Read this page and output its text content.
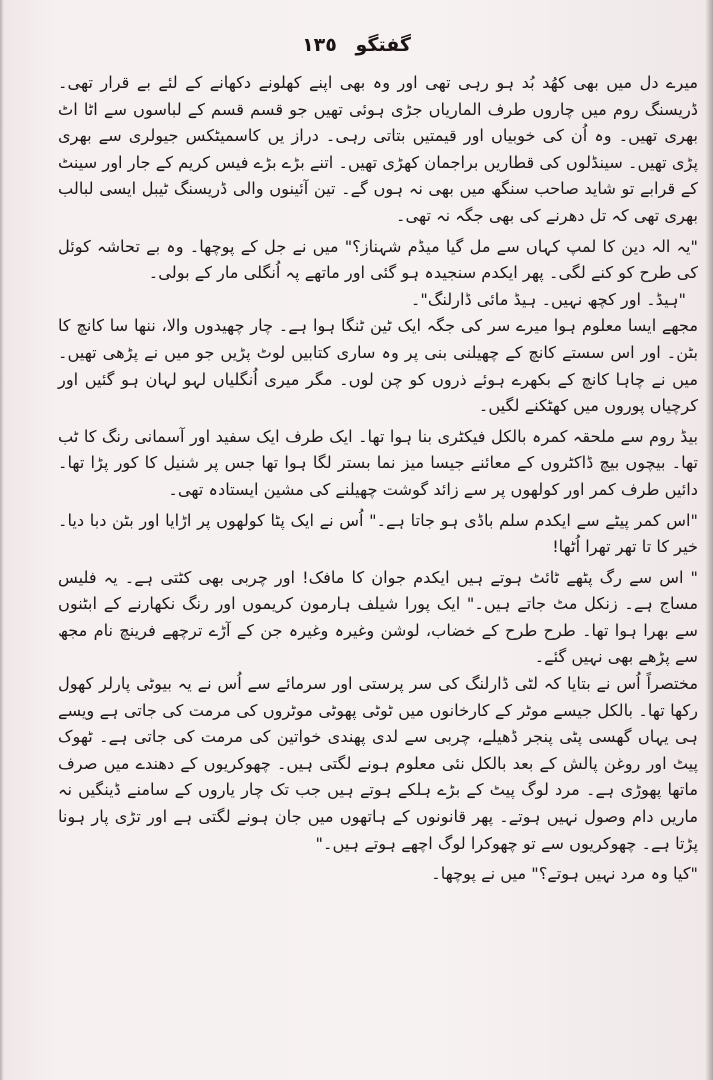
گفتگو ١٣٥

میرے دل میں بھی کھُد بُد ہو رہی تھی اور وہ بھی اپنے کھلونے دکھانے کے لئے بے قرار تھی۔ ڈریسنگ روم میں چاروں طرف الماریاں جڑی ہوئی تھیں جو قسم قسم کے لباسوں سے اٹا اٹ بھری تھیں۔ وہ اُن کی خوبیاں اور قیمتیں بتاتی رہی۔ دراز یں کاسمیٹکس جیولری سے بھری پڑی تھیں۔ سینڈلوں کی قطاریں براجمان کھڑی تھیں۔ اتنے بڑے بڑے فیس کریم کے جار اور سینٹ کے قرابے تو شاید صاحب سنگھ میں بھی نہ ہوں گے۔ تین آئینوں والی ڈریسنگ ٹیبل ایسی لبالب بھری تھی کہ تل دھرنے کی بھی جگہ نہ تھی۔

"یہ الہ دین کا لمپ کہاں سے مل گیا میڈم شہناز؟" میں نے جل کے پوچھا۔ وہ بے تحاشہ کوئل کی طرح کو کنے لگی۔ پھر ایکدم سنجیدہ ہو گئی اور ماتھے پہ اُنگلی مار کے بولی۔

"ہیڈ۔ اور کچھ نہیں۔ ہیڈ مائی ڈارلنگ"۔

مجھے ایسا معلوم ہوا میرے سر کی جگہ ایک ٹین ٹنگا ہوا ہے۔ چار چھیدوں والا، ننھا سا کانچ کا بٹن۔ اور اس سستے کانچ کے چھیلنی بنی پر وہ ساری کتابیں لوٹ پڑیں جو میں نے پڑھی تھیں۔ میں نے چاہا کانچ کے بکھرے ہوئے ذروں کو چن لوں۔ مگر میری اُنگلیاں لہو لہان ہو گئیں اور کرچیاں پوروں میں کھٹکنے لگیں۔

بیڈ روم سے ملحقہ کمرہ بالکل فیکٹری بنا ہوا تھا۔ ایک طرف ایک سفید اور آسمانی رنگ کا ٹب تھا۔ بیچوں بیچ ڈاکٹروں کے معائنے جیسا میز نما بستر لگا ہوا تھا جس پر شنیل کا کور پڑا تھا۔ دائیں طرف کمر اور کولھوں پر سے زائد گوشت چھیلنے کی مشین ایستادہ تھی۔

"اس کمر پیٹے سے ایکدم سلم باڈی ہو جاتا ہے۔" اُس نے ایک پٹا کولھوں پر اڑایا اور بٹن دبا دیا۔ خیر کا تا تھر تھرا اُٹھا!

" اس سے رگ پٹھے ٹائٹ ہوتے ہیں ایکدم جوان کا مافک! اور چربی بھی کٹتی ہے۔ یہ فلیس مساج ہے۔ زنکل مٹ جاتے ہیں۔" ایک پورا شیلف ہارمون کریموں اور رنگ نکھارنے کے ابٹنوں سے بھرا ہوا تھا۔ طرح طرح کے خضاب، لوشن وغیرہ وغیرہ جن کے آڑے ترچھے فرینچ نام مجھ سے پڑھے بھی نہیں گئے۔

مختصراً اُس نے بتایا کہ لٹی ڈارلنگ کی سر پرستی اور سرمائے سے اُس نے یہ بیوٹی پارلر کھول رکھا تھا۔ بالکل جیسے موٹر کے کارخانوں میں ٹوٹی پھوٹی موٹروں کی مرمت کی جاتی ہے ویسے ہی یہاں گھسی پٹی پنجر ڈھیلے، چربی سے لدی پھندی خواتین کی مرمت کی جاتی ہے۔ ٹھوک پیٹ اور روغن پالش کے بعد بالکل نئی معلوم ہونے لگتی ہیں۔ چھوکریوں کے دھندے میں صرف ماتھا پھوڑی ہے۔ مرد لوگ پیٹ کے بڑے ہلکے ہوتے ہیں جب تک چار یاروں کے سامنے ڈینگیں نہ ماریں دام وصول نہیں ہوتے۔ پھر قانونوں کے ہاتھوں میں جان ہونے لگتی ہے اور تڑی پار ہونا پڑتا ہے۔ چھوکریوں سے تو چھوکرا لوگ اچھے ہوتے ہیں۔"

"کیا وہ مرد نہیں ہوتے؟" میں نے پوچھا۔
